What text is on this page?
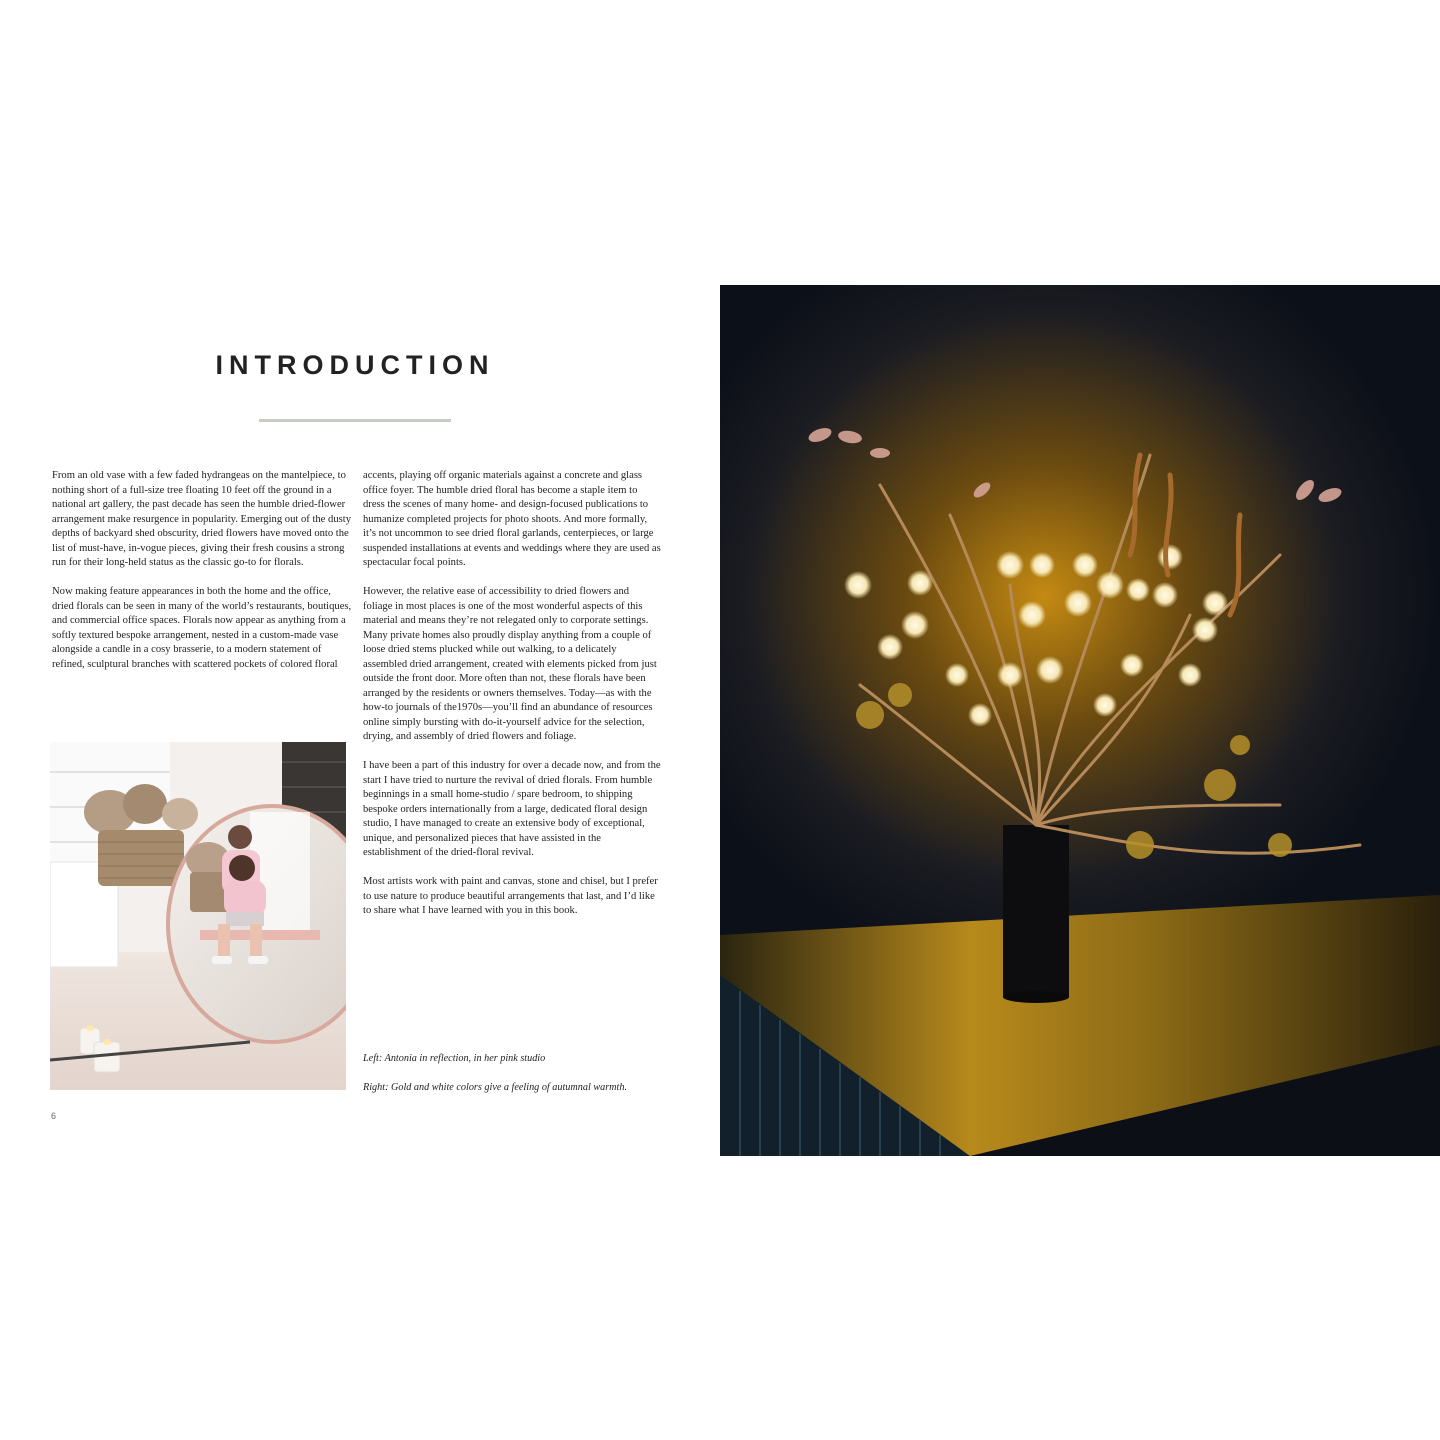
INTRODUCTION

From an old vase with a few faded hydrangeas on the mantelpiece, to nothing short of a full-size tree floating 10 feet off the ground in a national art gallery, the past decade has seen the humble dried-flower arrangement make resurgence in popularity. Emerging out of the dusty depths of backyard shed obscurity, dried flowers have moved onto the list of must-have, in-vogue pieces, giving their fresh cousins a strong run for their long-held status as the classic go-to for florals.

Now making feature appearances in both the home and the office, dried florals can be seen in many of the world’s restaurants, boutiques, and commercial office spaces. Florals now appear as anything from a softly textured bespoke arrangement, nested in a custom-made vase alongside a candle in a cosy brasserie, to a modern statement of refined, sculptural branches with scattered pockets of colored floral

accents, playing off organic materials against a concrete and glass office foyer. The humble dried floral has become a staple item to dress the scenes of many home- and design-focused publications to humanize completed projects for photo shoots. And more formally, it’s not uncommon to see dried floral garlands, centerpieces, or large suspended installations at events and weddings where they are used as spectacular focal points.

However, the relative ease of accessibility to dried flowers and foliage in most places is one of the most wonderful aspects of this material and means they’re not relegated only to corporate settings. Many private homes also proudly display anything from a couple of loose dried stems plucked while out walking, to a delicately assembled dried arrangement, created with elements picked from just outside the front door. More often than not, these florals have been arranged by the residents or owners themselves. Today—as with the how-to journals of the1970s—you’ll find an abundance of resources online simply bursting with do-it-yourself advice for the selection, drying, and assembly of dried flowers and foliage.

I have been a part of this industry for over a decade now, and from the start I have tried to nurture the revival of dried florals. From humble beginnings in a small home-studio / spare bedroom, to shipping bespoke orders internationally from a large, dedicated floral design studio, I have managed to create an extensive body of exceptional, unique, and personalized pieces that have assisted in the establishment of the dried-floral revival.

Most artists work with paint and canvas, stone and chisel, but I prefer to use nature to produce beautiful arrangements that last, and I’d like to share what I have learned with you in this book.

Left: Antonia in reflection, in her pink studio
Right: Gold and white colors give a feeling of autumnal warmth.
6
